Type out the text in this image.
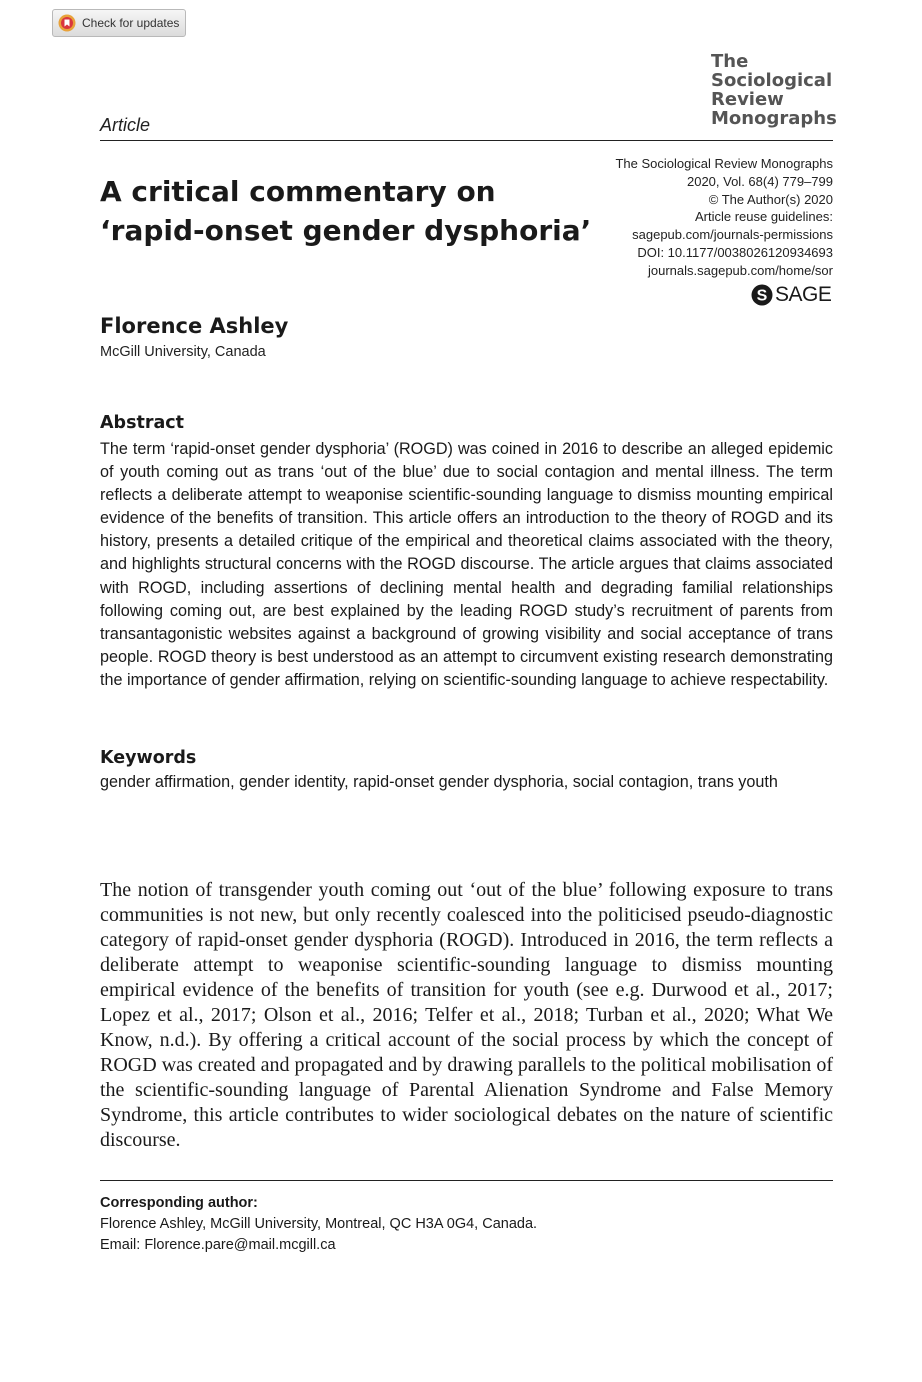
Check for updates
The
Sociological
Review
Monographs
Article
A critical commentary on
‘rapid-onset gender dysphoria’
The Sociological Review Monographs
2020, Vol. 68(4) 779–799
© The Author(s) 2020
Article reuse guidelines:
sagepub.com/journals-permissions
DOI: 10.1177/0038026120934693
journals.sagepub.com/home/sor
S SAGE
Florence Ashley
McGill University, Canada
Abstract

The term ‘rapid-onset gender dysphoria’ (ROGD) was coined in 2016 to describe an alleged epidemic of youth coming out as trans ‘out of the blue’ due to social contagion and mental illness. The term reflects a deliberate attempt to weaponise scientific-sounding language to dismiss mounting empirical evidence of the benefits of transition. This article offers an introduction to the theory of ROGD and its history, presents a detailed critique of the empirical and theoretical claims associated with the theory, and highlights structural concerns with the ROGD discourse. The article argues that claims associated with ROGD, including assertions of declining mental health and degrading familial relationships following coming out, are best explained by the leading ROGD study’s recruitment of parents from transantagonistic websites against a background of growing visibility and social acceptance of trans people. ROGD theory is best understood as an attempt to circumvent existing research demonstrating the importance of gender affirmation, relying on scientific-sounding language to achieve respectability.

Keywords
gender affirmation, gender identity, rapid-onset gender dysphoria, social contagion, trans youth

The notion of transgender youth coming out ‘out of the blue’ following exposure to trans communities is not new, but only recently coalesced into the politicised pseudo-diagnostic category of rapid-onset gender dysphoria (ROGD). Introduced in 2016, the term reflects a deliberate attempt to weaponise scientific-sounding language to dismiss mounting empirical evidence of the benefits of transition for youth (see e.g. Durwood et al., 2017; Lopez et al., 2017; Olson et al., 2016; Telfer et al., 2018; Turban et al., 2020; What We Know, n.d.). By offering a critical account of the social process by which the concept of ROGD was created and propagated and by drawing parallels to the political mobilisation of the scientific-sounding language of Parental Alienation Syndrome and False Memory Syndrome, this article contributes to wider sociological debates on the nature of scientific discourse.

Corresponding author:
Florence Ashley, McGill University, Montreal, QC H3A 0G4, Canada.
Email: Florence.pare@mail.mcgill.ca
